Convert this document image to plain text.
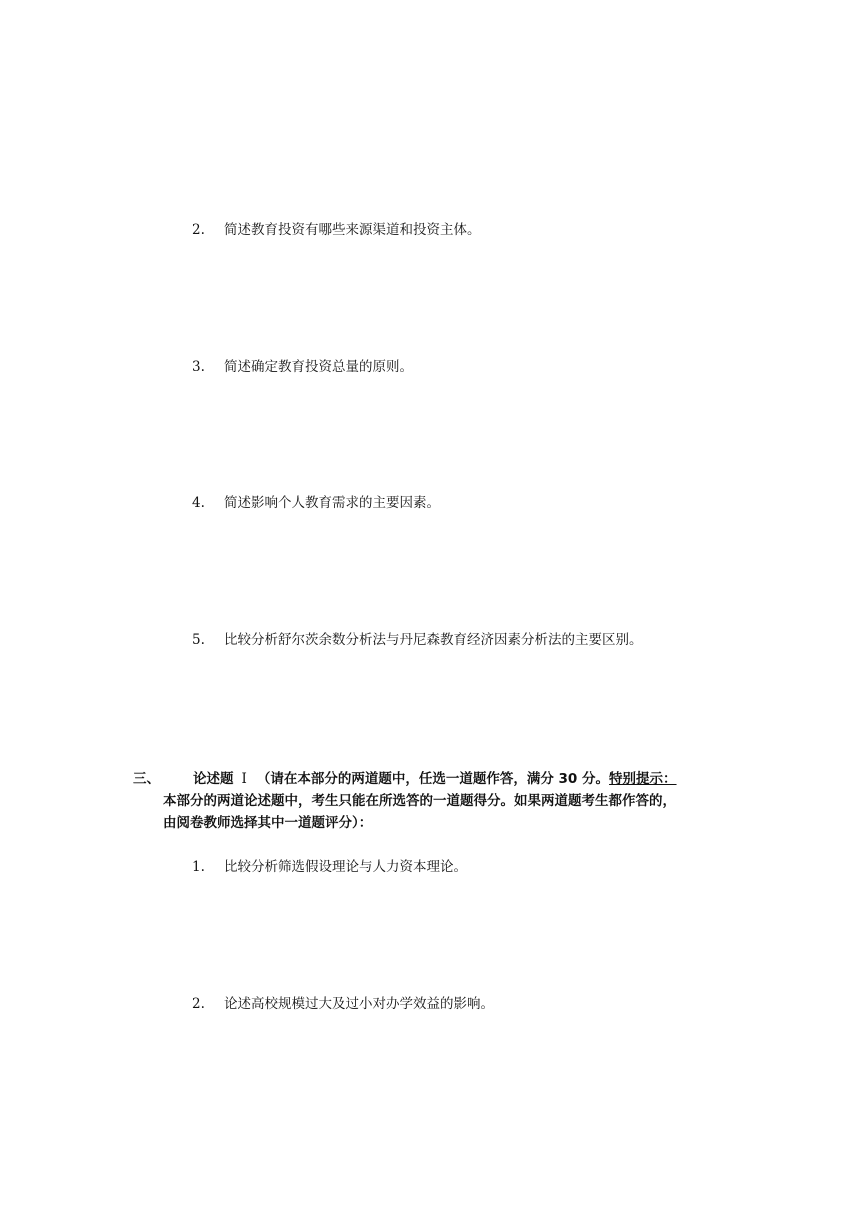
2. 简述教育投资有哪些来源渠道和投资主体。
3. 简述确定教育投资总量的原则。
4. 简述影响个人教育需求的主要因素。
5. 比较分析舒尔茨余数分析法与丹尼森教育经济因素分析法的主要区别。
三、 论述题 Ⅰ （请在本部分的两道题中，任选一道题作答，满分 30 分。特别提示：
本部分的两道论述题中，考生只能在所选答的一道题得分。如果两道题考生都作答的，
由阅卷教师选择其中一道题评分）：
1. 比较分析筛选假设理论与人力资本理论。
2. 论述高校规模过大及过小对办学效益的影响。
